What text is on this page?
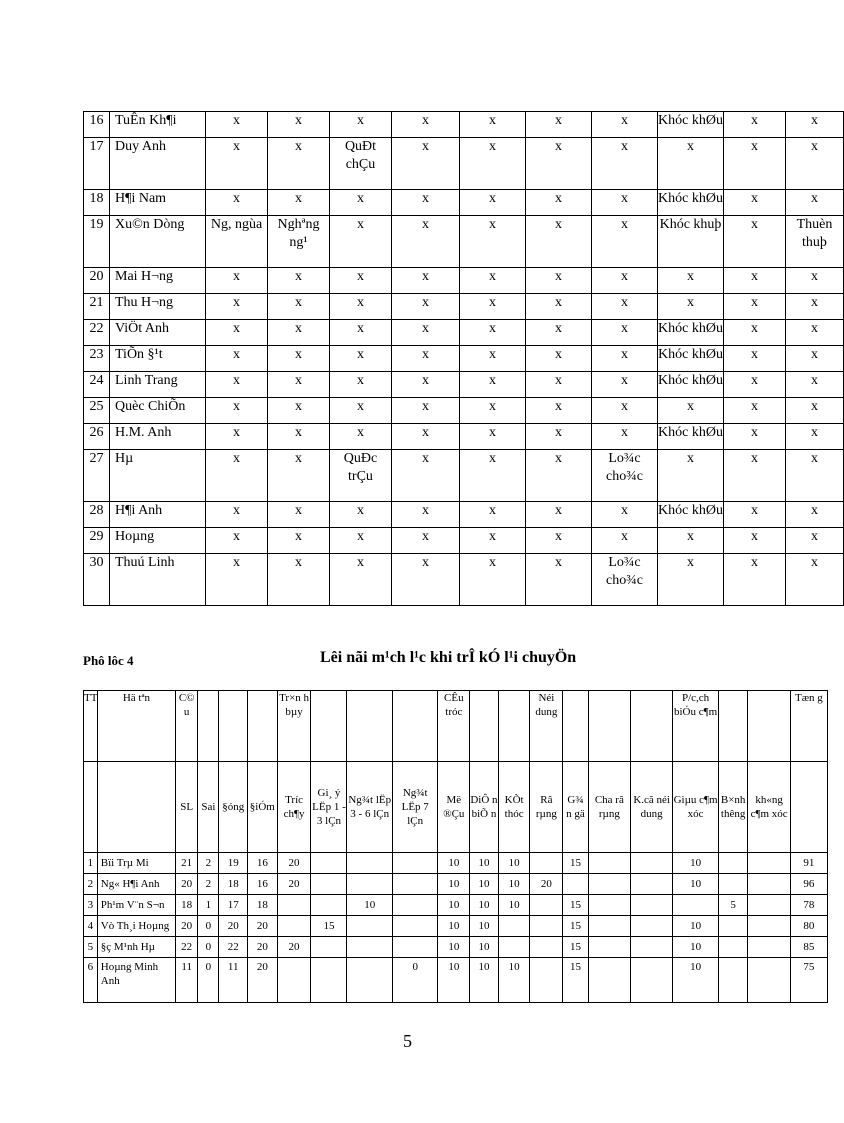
16	TuÊn Kh¶i	x	x	x	x	x	x	x	Khóc khØu	x	x
17	Duy Anh	x	x	QuÐt chÇu	x	x	x	x	x	x	x
18	H¶i Nam	x	x	x	x	x	x	x	Khóc khØu	x	x
19	Xu©n Dòng	Ng, ngùa	Nghªng ng¹	x	x	x	x	x	Khóc khuþ	x	Thuèn thuþ
20	Mai H¬ng	x	x	x	x	x	x	x	x	x	x
21	Thu H¬ng	x	x	x	x	x	x	x	x	x	x
22	ViÖt Anh	x	x	x	x	x	x	x	Khóc khØu	x	x
23	TiÕn §¹t	x	x	x	x	x	x	x	Khóc khØu	x	x
24	Linh Trang	x	x	x	x	x	x	x	Khóc khØu	x	x
25	Quèc ChiÕn	x	x	x	x	x	x	x	x	x	x
26	H.M. Anh	x	x	x	x	x	x	x	Khóc khØu	x	x
27	Hµ	x	x	QuÐc trÇu	x	x	x	Lo¾c cho¾c	x	x	x
28	H¶i Anh	x	x	x	x	x	x	x	Khóc khØu	x	x
29	Hoµng	x	x	x	x	x	x	x	x	x	x
30	Thuú Linh	x	x	x	x	x	x	Lo¾c cho¾c	x	x	x
Phô lôc 4	Lêi nãi m¹ch l¹c khi trÎ kÓ l¹i chuyÖn
TT	Hä tªn	C© u				Tr×n h bµy				CÊu tróc			Néi dung				P/c,ch biÓu c¶m			Tæn g
		SL	Sai	§óng	§iÓm	Tríc ch¶y	Gi¸ ý LËp 1 - 3 lÇn	Ng¾t lËp 3 - 6 lÇn	Ng¾t LËp 7 lÇn	Më ®Çu	DiÔ n biÕ n	KÕt thóc	Râ rµng	G¾ n gä	Cha râ rµng	K.cã néi dung	Giµu c¶m xóc	B×nh thêng	kh«ng c¶m xóc	
1	Bïi Trµ Mi	21	2	19	16	20				10	10	10		15			10			91
2	Ng« H¶i Anh	20	2	18	16	20				10	10	10	20				10			96
3	Ph¹m V¨n S¬n	18	1	17	18			10		10	10	10		15				5		78
4	Vò Th¸i Hoµng	20	0	20	20		15			10	10			15			10			80
5	§ç M¹nh Hµ	22	0	22	20	20				10	10			15			10			85
6	Hoµng Minh Anh	11	0	11	20				0	10	10	10		15			10			75
5
